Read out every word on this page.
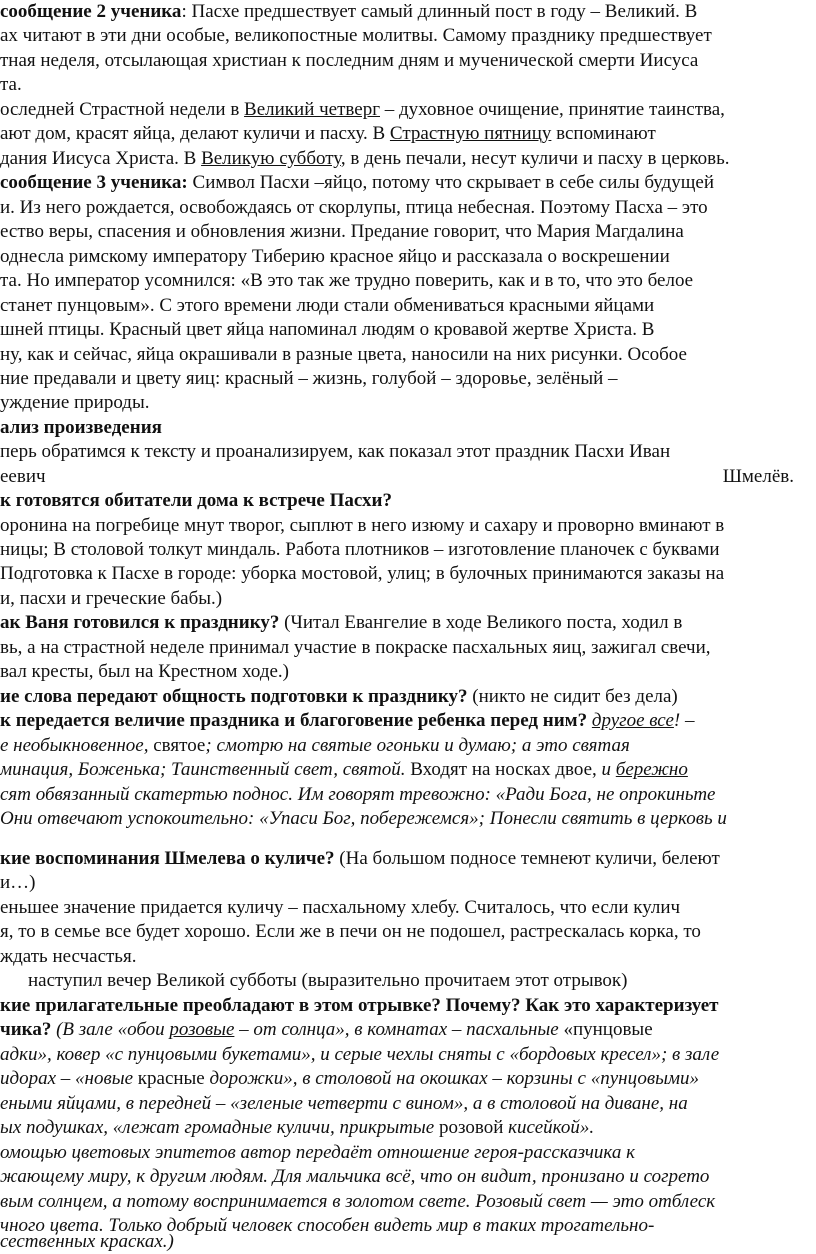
сообщение 2 ученика: Пасхе предшествует самый длинный пост в году – Великий. В
ах читают в эти дни особые, великопостные молитвы. Самому празднику предшествует
тная неделя, отсылающая христиан к последним дням и мученической смерти Иисуса
та.
оследней Страстной недели в Великий четверг – духовное очищение, принятие таинства,
ают дом, красят яйца, делают куличи и пасху. В Страстную пятницу вспоминают
дания Иисуса Христа. В Великую субботу, в день печали, несут куличи и пасху в церковь.
сообщение 3 ученика: Символ Пасхи –яйцо, потому что скрывает в себе силы будущей
и. Из него рождается, освобождаясь от скорлупы, птица небесная. Поэтому Пасха – это
ество веры, спасения и обновления жизни. Предание говорит, что Мария Магдалина
однесла римскому императору Тиберию красное яйцо и рассказала о воскрешении
та. Но император усомнился: «В это так же трудно поверить, как и в то, что это белое
станет пунцовым». С этого времени люди стали обмениваться красными яйцами
шней птицы. Красный цвет яйца напоминал людям о кровавой жертве Христа. В
ну, как и сейчас, яйца окрашивали в разные цвета, наносили на них рисунки. Особое
ние предавали и цвету яиц: красный – жизнь, голубой – здоровье, зелёный –
уждение природы.
ализ произведения
перь обратимся к тексту и проанализируем, как показал этот праздник Пасхи Иван
еевич	Шмелёв.
к готовятся обитатели дома к встрече Пасхи?
оронина на погребице мнут творог, сыплют в него изюму и сахару и проворно вминают в
ницы; В столовой толкут миндаль. Работа плотников – изготовление планочек с буквами
Подготовка к Пасхе в городе: уборка мостовой, улиц; в булочных принимаются заказы на
и, пасхи и греческие бабы.)
ак Ваня готовился к празднику? (Читал Евангелие в ходе Великого поста, ходил в
вь, а на страстной неделе принимал участие в покраске пасхальных яиц, зажигал свечи,
вал кресты, был на Крестном ходе.)
ие слова передают общность подготовки к празднику? (никто не сидит без дела)
к передается величие праздника и благоговение ребенка перед ним? другое все! –
е необыкновенное, святое; смотрю на святые огоньки и думаю; а это святая
минация, Боженька; Таинственный свет, святой. Входят на носках двое, и бережно
сят обвязанный скатертью поднос. Им говорят тревожно: «Ради Бога, не опрокиньте
Они отвечают успокоительно: «Упаси Бог, побережемся»; Понесли святить в церковь и
кие воспоминания Шмелева о куличе? (На большом подносе темнеют куличи, белеют
и…)
еньшее значение придается куличу – пасхальному хлебу. Считалось, что если кулич
я, то в семье все будет хорошо. Если же в печи он не подошел, растрескалась корка, то
ждать несчастья.
наступил вечер Великой субботы (выразительно прочитаем этот отрывок)
кие прилагательные преобладают в этом отрывке? Почему? Как это характеризует
чика? (В зале «обои розовые – от солнца», в комнатах – пасхальные «пунцовые
адки», ковер «с пунцовыми букетами», и серые чехлы сняты с «бордовых кресел»; в зале
идорах – «новые красные дорожки», в столовой на окошках – корзины с «пунцовыми»
еными яйцами, в передней – «зеленые четверти с вином», а в столовой на диване, на
ых подушках, «лежат громадные куличи, прикрытые розовой кисейкой».
омощью цветовых эпитетов автор передаёт отношение героя-рассказчика к
жающему миру, к другим людям. Для мальчика всё, что он видит, пронизано и согрето
вым солнцем, а потому воспринимается в золотом свете. Розовый свет — это отблеск
чного цвета. Только добрый человек способен видеть мир в таких трогательно-
сественных красках.)
